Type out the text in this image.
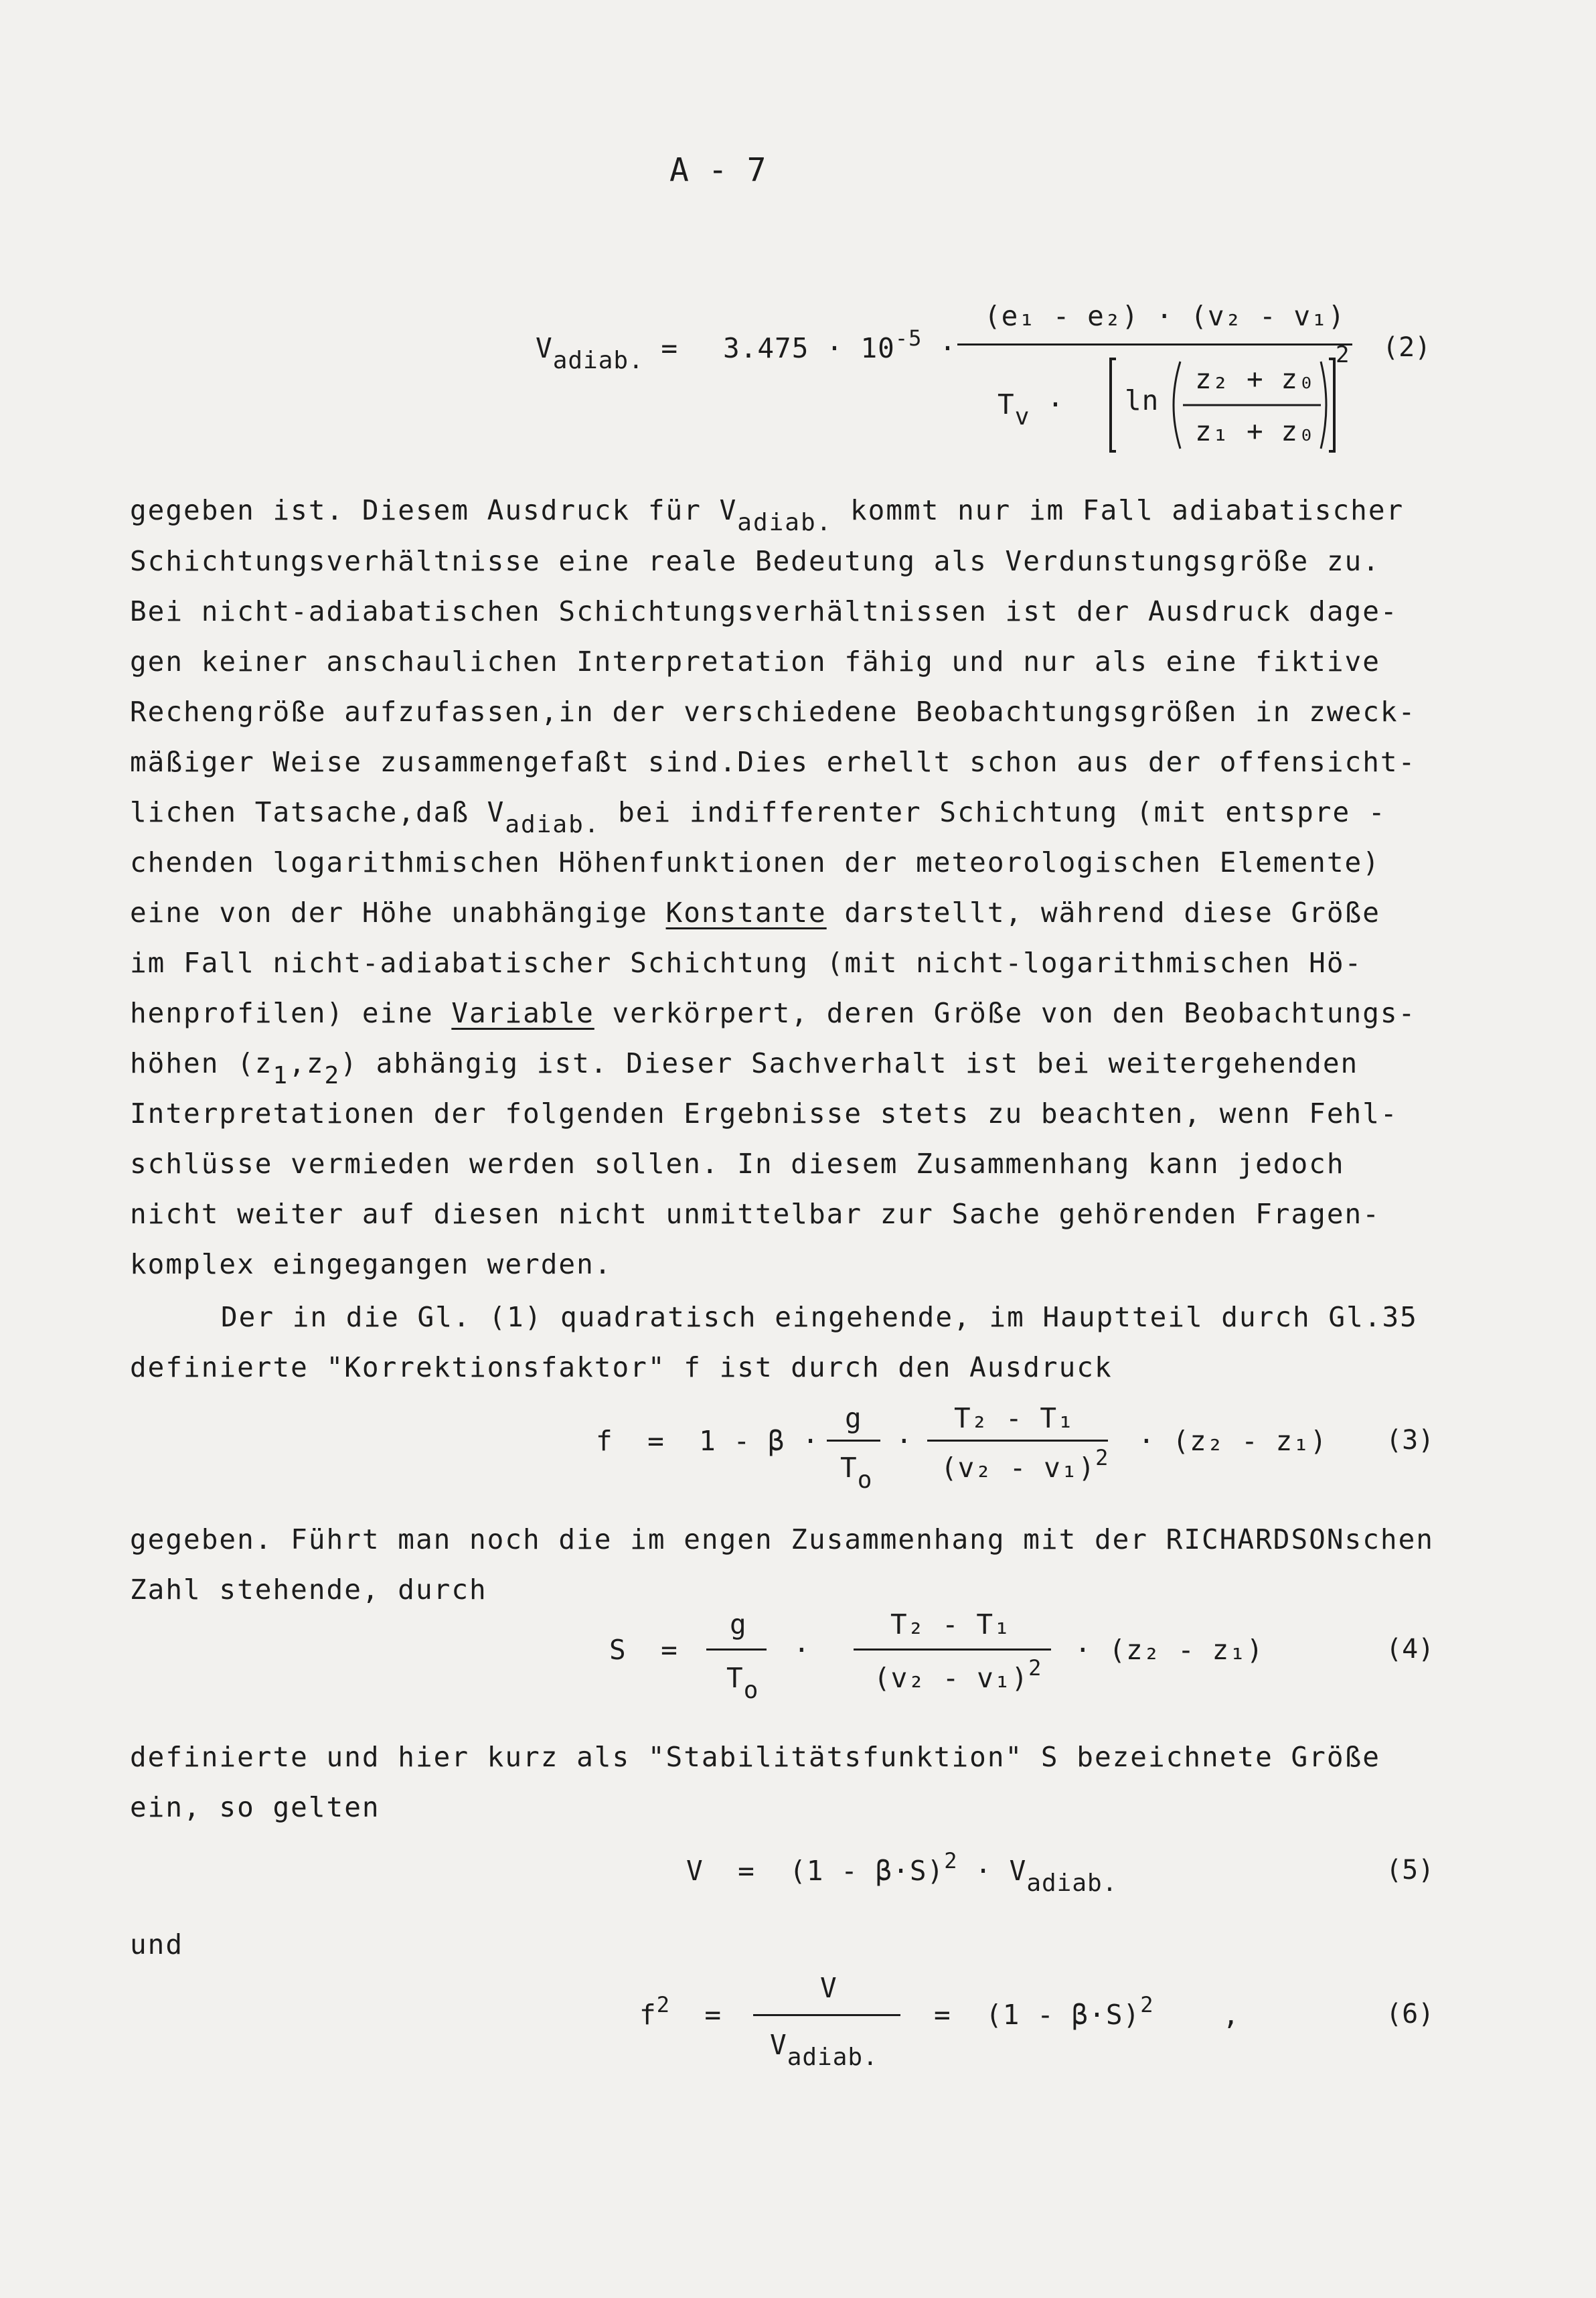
A - 7
Vadiab. = $3.475 \cdot 10^{-5}$ ·
(e₁ - e₂) · (v₂ - v₁)
Tv · ln
z₂ + z₀
z₁ + z₀
2 (2)
gegeben ist. Diesem Ausdruck für Vadiab. kommt nur im Fall adiabatischer
Schichtungsverhältnisse eine reale Bedeutung als Verdunstungsgröße zu.
Bei nicht-adiabatischen Schichtungsverhältnissen ist der Ausdruck dage-
gen keiner anschaulichen Interpretation fähig und nur als eine fiktive
Rechengröße aufzufassen,in der verschiedene Beobachtungsgrößen in zweck-
mäßiger Weise zusammengefaßt sind.Dies erhellt schon aus der offensicht-
lichen Tatsache,daß Vadiab. bei indifferenter Schichtung (mit entspre -
chenden logarithmischen Höhenfunktionen der meteorologischen Elemente)
eine von der Höhe unabhängige Konstante darstellt, während diese Größe
im Fall nicht-adiabatischer Schichtung (mit nicht-logarithmischen Hö-
henprofilen) eine Variable verkörpert, deren Größe von den Beobachtungs-
höhen (z1,z2) abhängig ist. Dieser Sachverhalt ist bei weitergehenden
Interpretationen der folgenden Ergebnisse stets zu beachten, wenn Fehl-
schlüsse vermieden werden sollen. In diesem Zusammenhang kann jedoch
nicht weiter auf diesen nicht unmittelbar zur Sache gehörenden Fragen-
komplex eingegangen werden.
Der in die Gl. (1) quadratisch eingehende, im Hauptteil durch Gl.35
definierte "Korrektionsfaktor" f ist durch den Ausdruck
f = 1 - β ·
g
To
·
T₂ - T₁
(v₂ - v₁)$^2$
· (z₂ - z₁) (3)
gegeben. Führt man noch die im engen Zusammenhang mit der RICHARDSONschen
Zahl stehende, durch
S =
g
To
·
T₂ - T₁
(v₂ - v₁)$^2$
· (z₂ - z₁)	(4)
definierte und hier kurz als "Stabilitätsfunktion" S bezeichnete Größe
ein, so gelten
$V = (1 - \beta\cdot S)^2$ · Vadiab.	(5)
und
$f^2$ =
V
Vadiab.
= $(1 - \beta\cdot S)^2$	,	(6)
